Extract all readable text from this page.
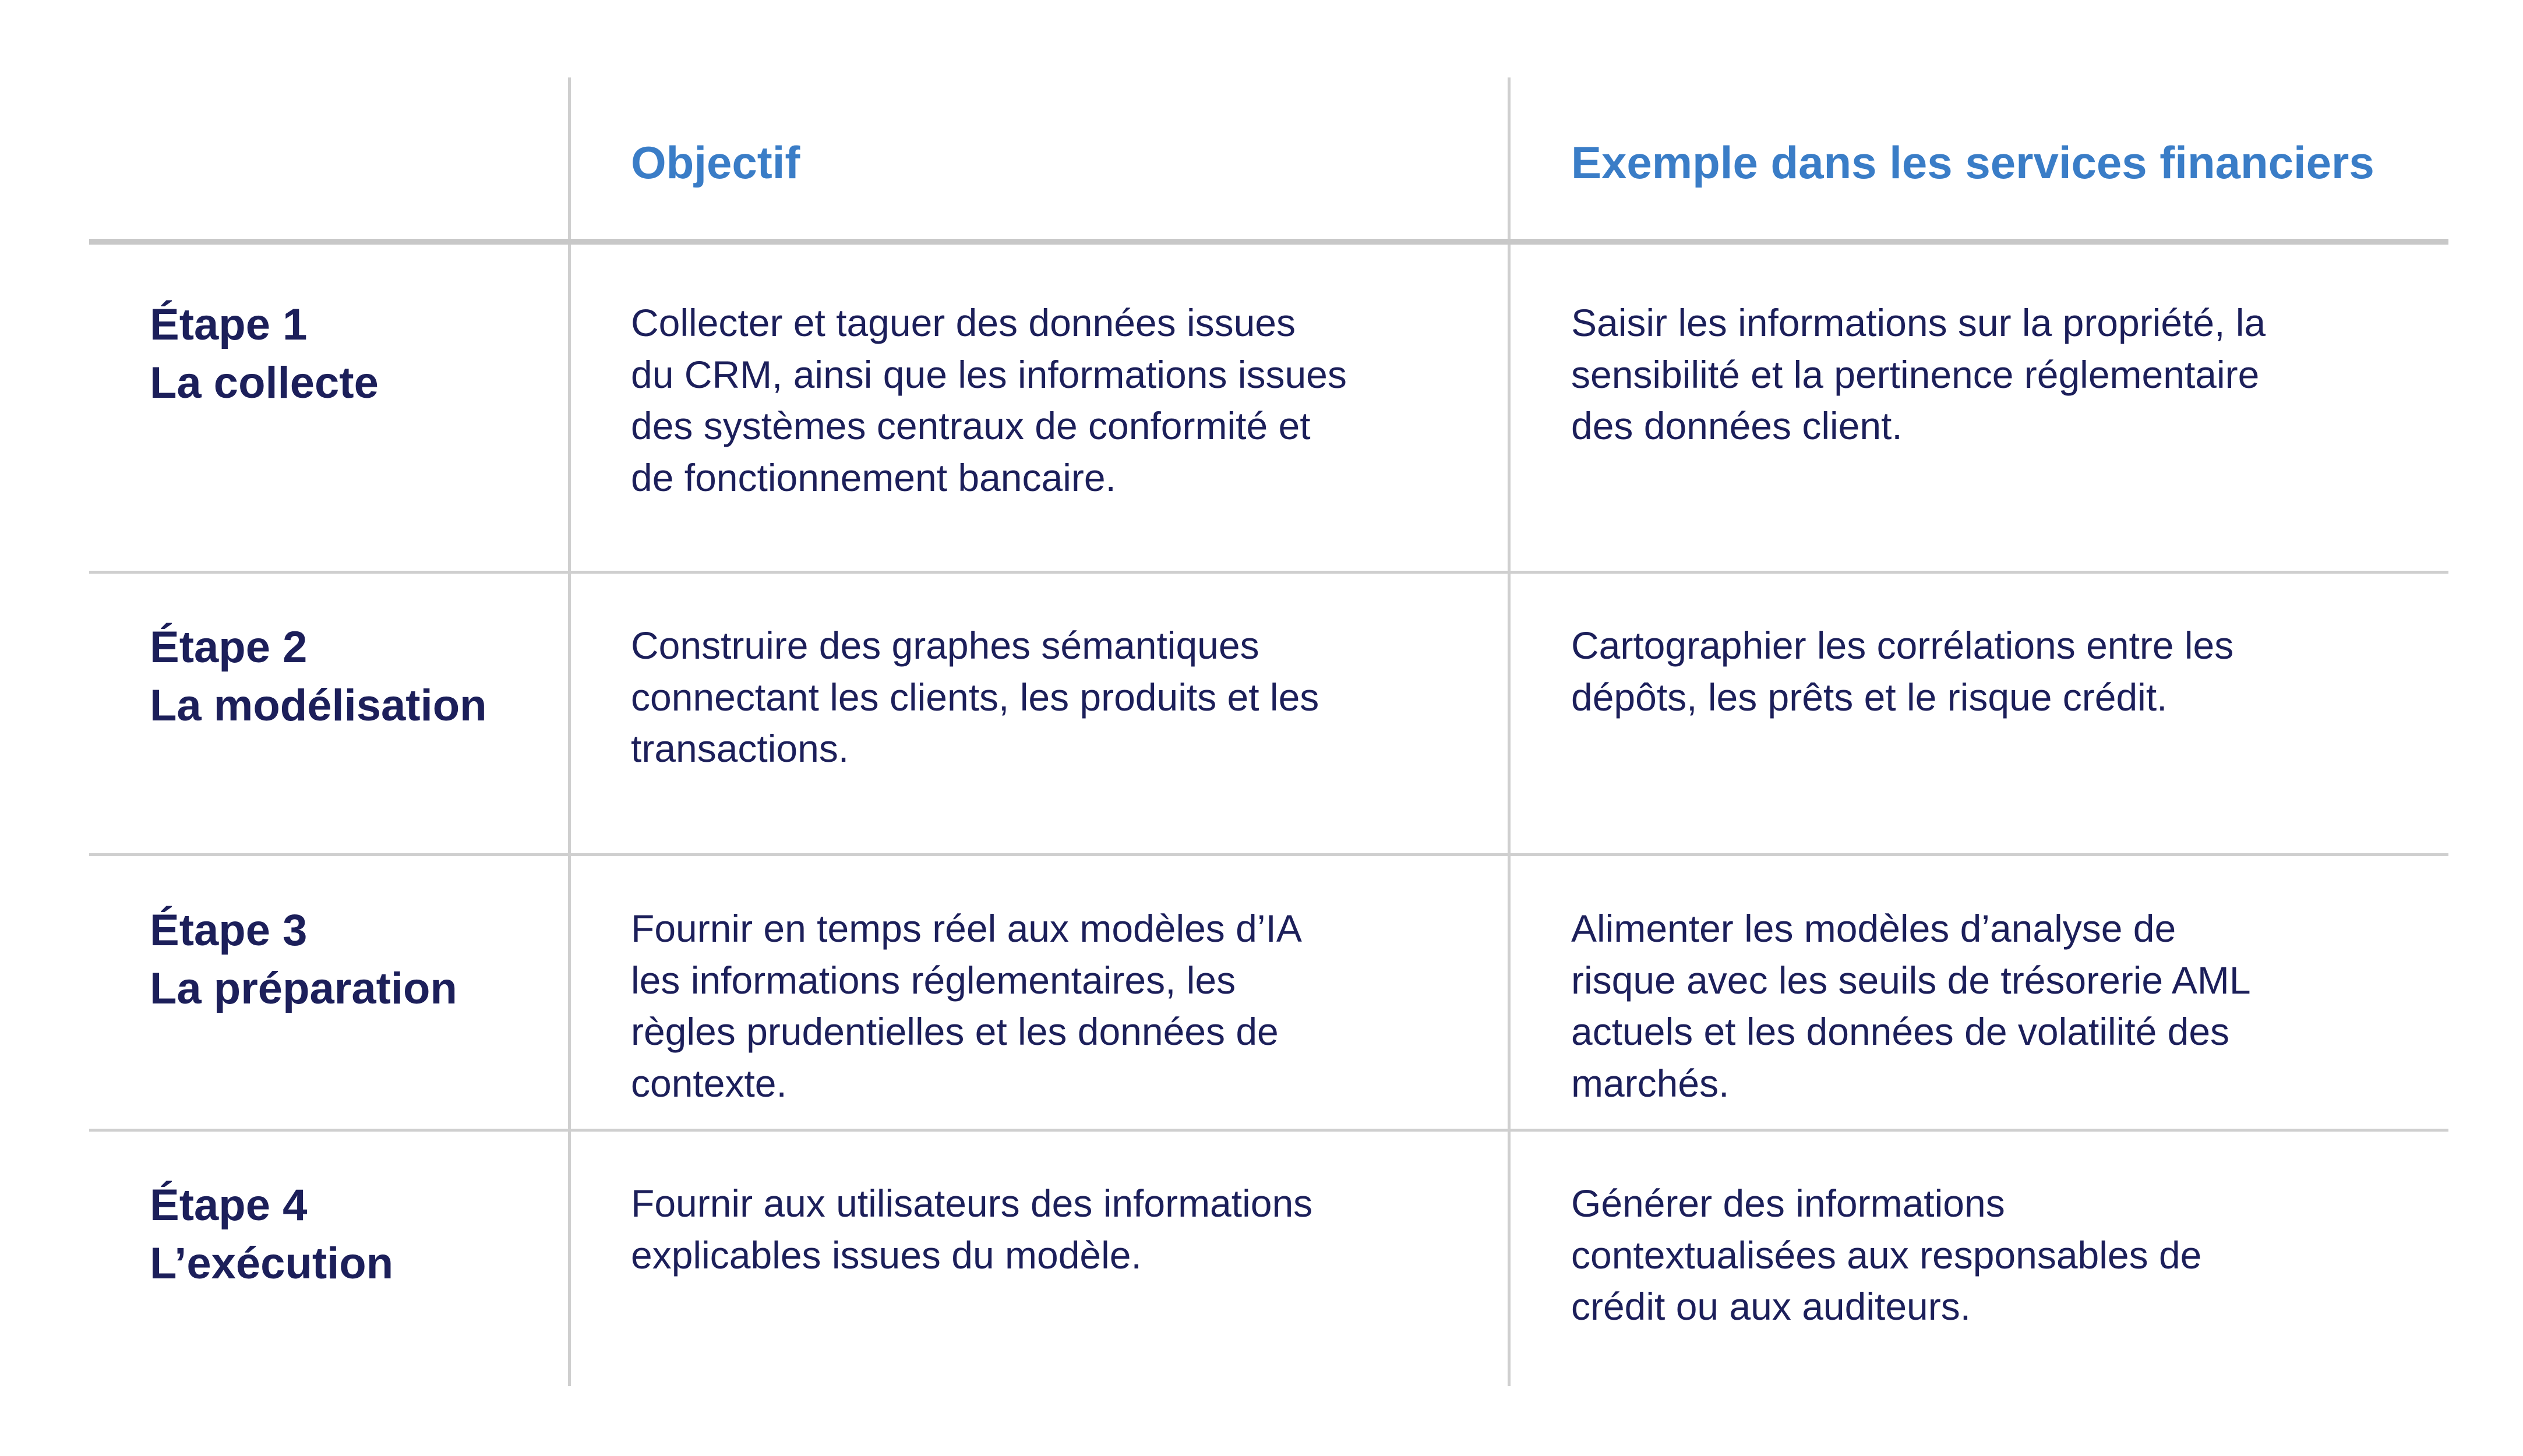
Objectif	Exemple dans les services financiers
Étape 1
La collecte
Collecter et taguer des données issues
du CRM, ainsi que les informations issues
des systèmes centraux de conformité et
de fonctionnement bancaire.
Saisir les informations sur la propriété, la
sensibilité et la pertinence réglementaire
des données client.
Étape 2
La modélisation
Construire des graphes sémantiques
connectant les clients, les produits et les
transactions.
Cartographier les corrélations entre les
dépôts, les prêts et le risque crédit.
Étape 3
La préparation
Fournir en temps réel aux modèles d’IA
les informations réglementaires, les
règles prudentielles et les données de
contexte.
Alimenter les modèles d’analyse de
risque avec les seuils de trésorerie AML
actuels et les données de volatilité des
marchés.
Étape 4
L’exécution
Fournir aux utilisateurs des informations
explicables issues du modèle.
Générer des informations
contextualisées aux responsables de
crédit ou aux auditeurs.
